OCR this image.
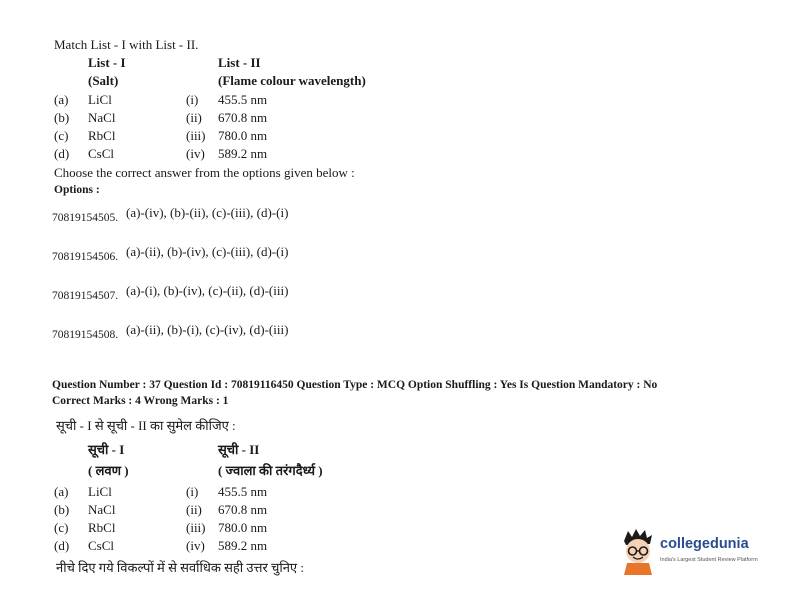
Match List - I with List - II.
List - I	List - II
(Salt)	(Flame colour wavelength)
(a) LiCl	(i) 455.5 nm
(b) NaCl	(ii) 670.8 nm
(c) RbCl	(iii) 780.0 nm
(d) CsCl	(iv) 589.2 nm
Choose the correct answer from the options given below :
Options :
70819154505. (a)-(iv), (b)-(ii), (c)-(iii), (d)-(i)
70819154506. (a)-(ii), (b)-(iv), (c)-(iii), (d)-(i)
70819154507. (a)-(i), (b)-(iv), (c)-(ii), (d)-(iii)
70819154508. (a)-(ii), (b)-(i), (c)-(iv), (d)-(iii)
Question Number : 37 Question Id : 70819116450 Question Type : MCQ Option Shuffling : Yes Is Question Mandatory : No
Correct Marks : 4 Wrong Marks : 1
सूची - I से सूची - II का सुमेल कीजिए :
सूची - I	सूची - II
( लवण )	( ज्वाला की तरंगदैर्ध्य )
(a) LiCl	(i) 455.5 nm
(b) NaCl	(ii) 670.8 nm
(c) RbCl	(iii) 780.0 nm
(d) CsCl	(iv) 589.2 nm
नीचे दिए गये विकल्पों में से सर्वाधिक सही उत्तर चुनिए :
collegedunia
India's Largest Student Review Platform
